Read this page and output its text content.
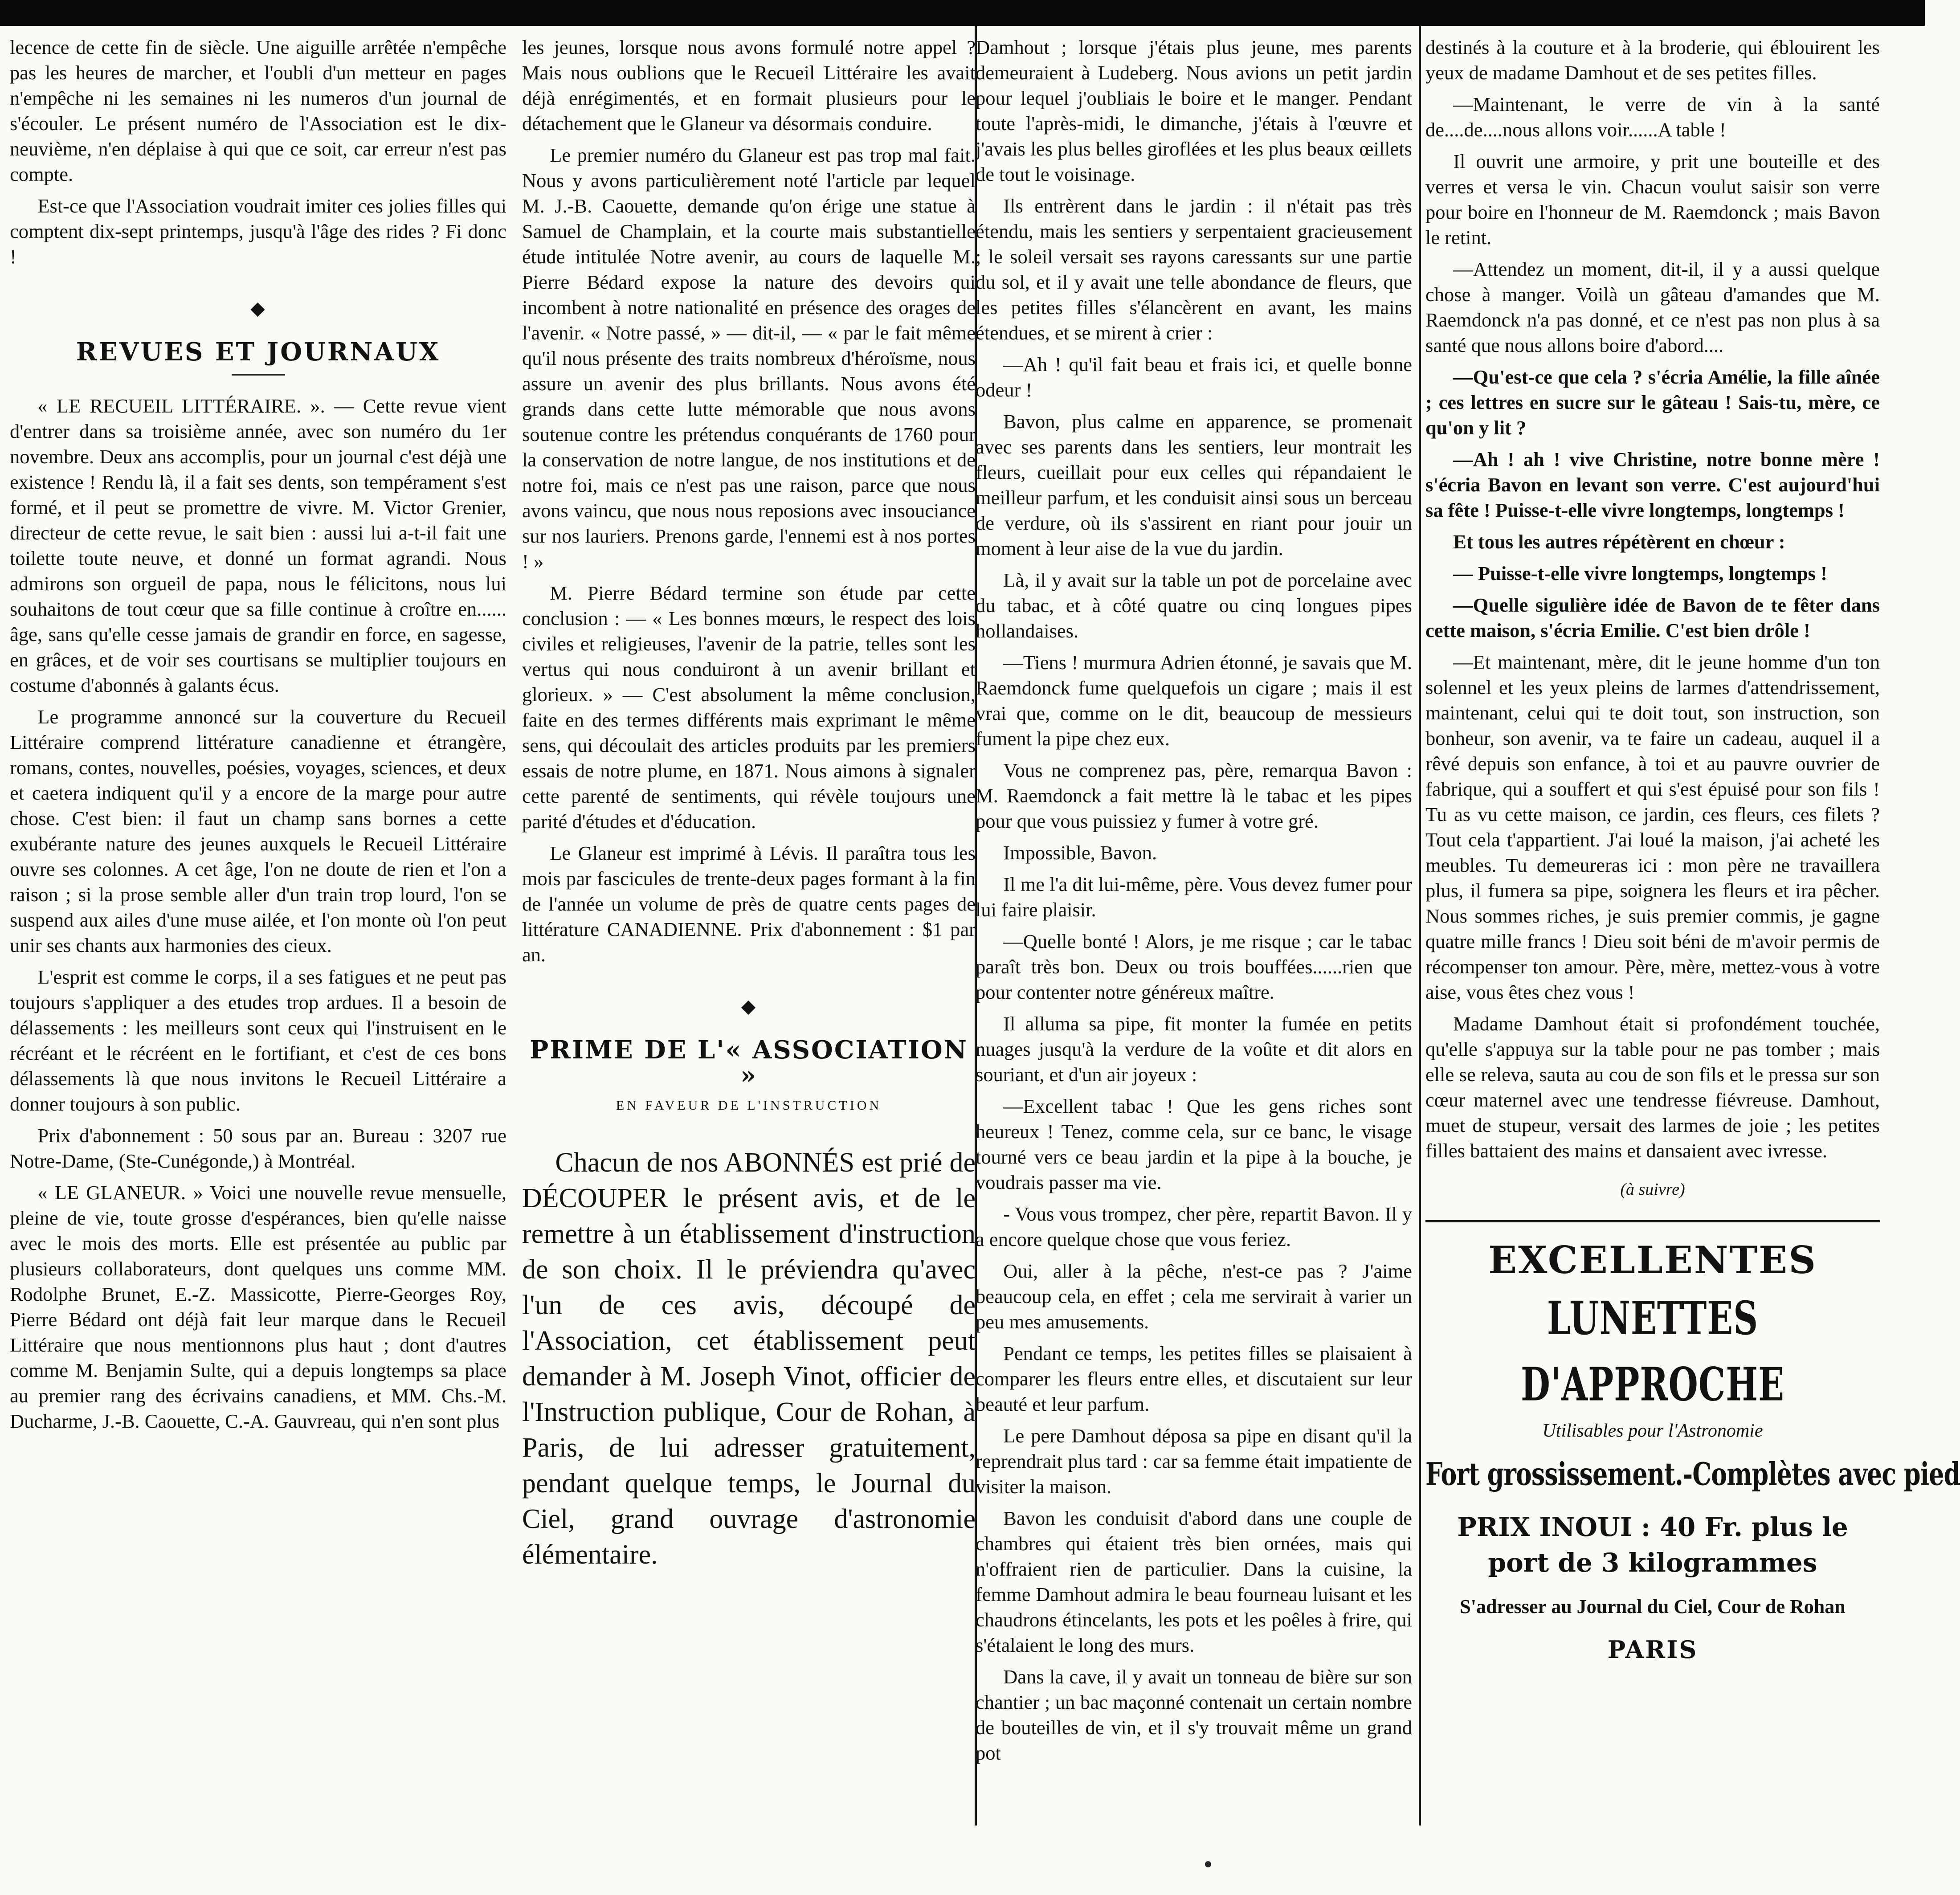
lecence de cette fin de siècle. Une aiguille arrêtée n'empêche pas les heures de marcher, et l'oubli d'un metteur en pages n'empêche ni les semaines ni les numeros d'un journal de s'écouler. Le présent numéro de l'Association est le dix-neuvième, n'en déplaise à qui que ce soit, car erreur n'est pas compte.

Est-ce que l'Association voudrait imiter ces jolies filles qui comptent dix-sept printemps, jusqu'à l'âge des rides ? Fi donc !

◆
REVUES ET JOURNAUX

« LE RECUEIL LITTÉRAIRE. ». — Cette revue vient d'entrer dans sa troisième année, avec son numéro du 1er novembre. Deux ans accomplis, pour un journal c'est déjà une existence ! Rendu là, il a fait ses dents, son tempérament s'est formé, et il peut se promettre de vivre. M. Victor Grenier, directeur de cette revue, le sait bien : aussi lui a-t-il fait une toilette toute neuve, et donné un format agrandi. Nous admirons son orgueil de papa, nous le félicitons, nous lui souhaitons de tout cœur que sa fille continue à croître en...... âge, sans qu'elle cesse jamais de grandir en force, en sagesse, en grâces, et de voir ses courtisans se multiplier toujours en costume d'abonnés à galants écus.

Le programme annoncé sur la couverture du Recueil Littéraire comprend littérature canadienne et étrangère, romans, contes, nouvelles, poésies, voyages, sciences, et deux et caetera indiquent qu'il y a encore de la marge pour autre chose. C'est bien: il faut un champ sans bornes a cette exubérante nature des jeunes auxquels le Recueil Littéraire ouvre ses colonnes. A cet âge, l'on ne doute de rien et l'on a raison ; si la prose semble aller d'un train trop lourd, l'on se suspend aux ailes d'une muse ailée, et l'on monte où l'on peut unir ses chants aux harmonies des cieux.

L'esprit est comme le corps, il a ses fatigues et ne peut pas toujours s'appliquer a des etudes trop ardues. Il a besoin de délassements : les meilleurs sont ceux qui l'instruisent en le récréant et le récréent en le fortifiant, et c'est de ces bons délassements là que nous invitons le Recueil Littéraire a donner toujours à son public.

Prix d'abonnement : 50 sous par an. Bureau : 3207 rue Notre-Dame, (Ste-Cunégonde,) à Montréal.

« LE GLANEUR. » Voici une nouvelle revue mensuelle, pleine de vie, toute grosse d'espérances, bien qu'elle naisse avec le mois des morts. Elle est présentée au public par plusieurs collaborateurs, dont quelques uns comme MM. Rodolphe Brunet, E.-Z. Massicotte, Pierre-Georges Roy, Pierre Bédard ont déjà fait leur marque dans le Recueil Littéraire que nous mentionnons plus haut ; dont d'autres comme M. Benjamin Sulte, qui a depuis longtemps sa place au premier rang des écrivains canadiens, et MM. Chs.-M. Ducharme, J.-B. Caouette, C.-A. Gauvreau, qui n'en sont plus

les jeunes, lorsque nous avons formulé notre appel ? Mais nous oublions que le Recueil Littéraire les avait déjà enrégimentés, et en formait plusieurs pour le détachement que le Glaneur va désormais conduire.

Le premier numéro du Glaneur est pas trop mal fait. Nous y avons particulièrement noté l'article par lequel M. J.-B. Caouette, demande qu'on érige une statue à Samuel de Champlain, et la courte mais substantielle étude intitulée Notre avenir, au cours de laquelle M. Pierre Bédard expose la nature des devoirs qui incombent à notre nationalité en présence des orages de l'avenir. « Notre passé, » — dit-il, — « par le fait même qu'il nous présente des traits nombreux d'héroïsme, nous assure un avenir des plus brillants. Nous avons été grands dans cette lutte mémorable que nous avons soutenue contre les prétendus conquérants de 1760 pour la conservation de notre langue, de nos institutions et de notre foi, mais ce n'est pas une raison, parce que nous avons vaincu, que nous nous reposions avec insouciance sur nos lauriers. Prenons garde, l'ennemi est à nos portes ! »

M. Pierre Bédard termine son étude par cette conclusion : — « Les bonnes mœurs, le respect des lois civiles et religieuses, l'avenir de la patrie, telles sont les vertus qui nous conduiront à un avenir brillant et glorieux. » — C'est absolument la même conclusion, faite en des termes différents mais exprimant le même sens, qui découlait des articles produits par les premiers essais de notre plume, en 1871. Nous aimons à signaler cette parenté de sentiments, qui révèle toujours une parité d'études et d'éducation.

Le Glaneur est imprimé à Lévis. Il paraîtra tous les mois par fascicules de trente-deux pages formant à la fin de l'année un volume de près de quatre cents pages de littérature CANADIENNE. Prix d'abonnement : $1 par an.

◆
PRIME DE L'« ASSOCIATION »
EN FAVEUR DE L'INSTRUCTION

Chacun de nos ABONNÉS est prié de DÉCOUPER le présent avis, et de le remettre à un établissement d'instruction de son choix. Il le préviendra qu'avec l'un de ces avis, découpé de l'Association, cet établissement peut demander à M. Joseph Vinot, officier de l'Instruction publique, Cour de Rohan, à Paris, de lui adresser gratuitement, pendant quelque temps, le Journal du Ciel, grand ouvrage d'astronomie élémentaire.

Damhout ; lorsque j'étais plus jeune, mes parents demeuraient à Ludeberg. Nous avions un petit jardin pour lequel j'oubliais le boire et le manger. Pendant toute l'après-midi, le dimanche, j'étais à l'œuvre et j'avais les plus belles giroflées et les plus beaux œillets de tout le voisinage.

Ils entrèrent dans le jardin : il n'était pas très étendu, mais les sentiers y serpentaient gracieusement ; le soleil versait ses rayons caressants sur une partie du sol, et il y avait une telle abondance de fleurs, que les petites filles s'élancèrent en avant, les mains étendues, et se mirent à crier :

—Ah ! qu'il fait beau et frais ici, et quelle bonne odeur !

Bavon, plus calme en apparence, se promenait avec ses parents dans les sentiers, leur montrait les fleurs, cueillait pour eux celles qui répandaient le meilleur parfum, et les conduisit ainsi sous un berceau de verdure, où ils s'assirent en riant pour jouir un moment à leur aise de la vue du jardin.

Là, il y avait sur la table un pot de porcelaine avec du tabac, et à côté quatre ou cinq longues pipes hollandaises.

—Tiens ! murmura Adrien étonné, je savais que M. Raemdonck fume quelquefois un cigare ; mais il est vrai que, comme on le dit, beaucoup de messieurs fument la pipe chez eux.

Vous ne comprenez pas, père, remarqua Bavon : M. Raemdonck a fait mettre là le tabac et les pipes pour que vous puissiez y fumer à votre gré.

Impossible, Bavon.

Il me l'a dit lui-même, père. Vous devez fumer pour lui faire plaisir.

—Quelle bonté ! Alors, je me risque ; car le tabac paraît très bon. Deux ou trois bouffées......rien que pour contenter notre généreux maître.

Il alluma sa pipe, fit monter la fumée en petits nuages jusqu'à la verdure de la voûte et dit alors en souriant, et d'un air joyeux :

—Excellent tabac ! Que les gens riches sont heureux ! Tenez, comme cela, sur ce banc, le visage tourné vers ce beau jardin et la pipe à la bouche, je voudrais passer ma vie.

- Vous vous trompez, cher père, repartit Bavon. Il y a encore quelque chose que vous feriez.

Oui, aller à la pêche, n'est-ce pas ? J'aime beaucoup cela, en effet ; cela me servirait à varier un peu mes amusements.

Pendant ce temps, les petites filles se plaisaient à comparer les fleurs entre elles, et discutaient sur leur beauté et leur parfum.

Le pere Damhout déposa sa pipe en disant qu'il la reprendrait plus tard : car sa femme était impatiente de visiter la maison.

Bavon les conduisit d'abord dans une couple de chambres qui étaient très bien ornées, mais qui n'offraient rien de particulier. Dans la cuisine, la femme Damhout admira le beau fourneau luisant et les chaudrons étincelants, les pots et les poêles à frire, qui s'étalaient le long des murs.

Dans la cave, il y avait un tonneau de bière sur son chantier ; un bac maçonné contenait un certain nombre de bouteilles de vin, et il s'y trouvait même un grand pot

destinés à la couture et à la broderie, qui éblouirent les yeux de madame Damhout et de ses petites filles.

—Maintenant, le verre de vin à la santé de....de....nous allons voir......A table !

Il ouvrit une armoire, y prit une bouteille et des verres et versa le vin. Chacun voulut saisir son verre pour boire en l'honneur de M. Raemdonck ; mais Bavon le retint.

—Attendez un moment, dit-il, il y a aussi quelque chose à manger. Voilà un gâteau d'amandes que M. Raemdonck n'a pas donné, et ce n'est pas non plus à sa santé que nous allons boire d'abord....

—Qu'est-ce que cela ? s'écria Amélie, la fille aînée ; ces lettres en sucre sur le gâteau ! Sais-tu, mère, ce qu'on y lit ?

—Ah ! ah ! vive Christine, notre bonne mère ! s'écria Bavon en levant son verre. C'est aujourd'hui sa fête ! Puisse-t-elle vivre longtemps, longtemps !

Et tous les autres répétèrent en chœur :

— Puisse-t-elle vivre longtemps, longtemps !

—Quelle sigulière idée de Bavon de te fêter dans cette maison, s'écria Emilie. C'est bien drôle !

—Et maintenant, mère, dit le jeune homme d'un ton solennel et les yeux pleins de larmes d'attendrissement, maintenant, celui qui te doit tout, son instruction, son bonheur, son avenir, va te faire un cadeau, auquel il a rêvé depuis son enfance, à toi et au pauvre ouvrier de fabrique, qui a souffert et qui s'est épuisé pour son fils ! Tu as vu cette maison, ce jardin, ces fleurs, ces filets ? Tout cela t'appartient. J'ai loué la maison, j'ai acheté les meubles. Tu demeureras ici : mon père ne travaillera plus, il fumera sa pipe, soignera les fleurs et ira pêcher. Nous sommes riches, je suis premier commis, je gagne quatre mille francs ! Dieu soit béni de m'avoir permis de récompenser ton amour. Père, mère, mettez-vous à votre aise, vous êtes chez vous !

Madame Damhout était si profondément touchée, qu'elle s'appuya sur la table pour ne pas tomber ; mais elle se releva, sauta au cou de son fils et le pressa sur son cœur maternel avec une tendresse fiévreuse. Damhout, muet de stupeur, versait des larmes de joie ; les petites filles battaient des mains et dansaient avec ivresse.

(à suivre)
EXCELLENTES
LUNETTES D'APPROCHE
Utilisables pour l'Astronomie
Fort grossissement.-Complètes avec pied
PRIX INOUI : 40 Fr. plus le port de 3 kilogrammes
S'adresser au Journal du Ciel, Cour de Rohan
PARIS
